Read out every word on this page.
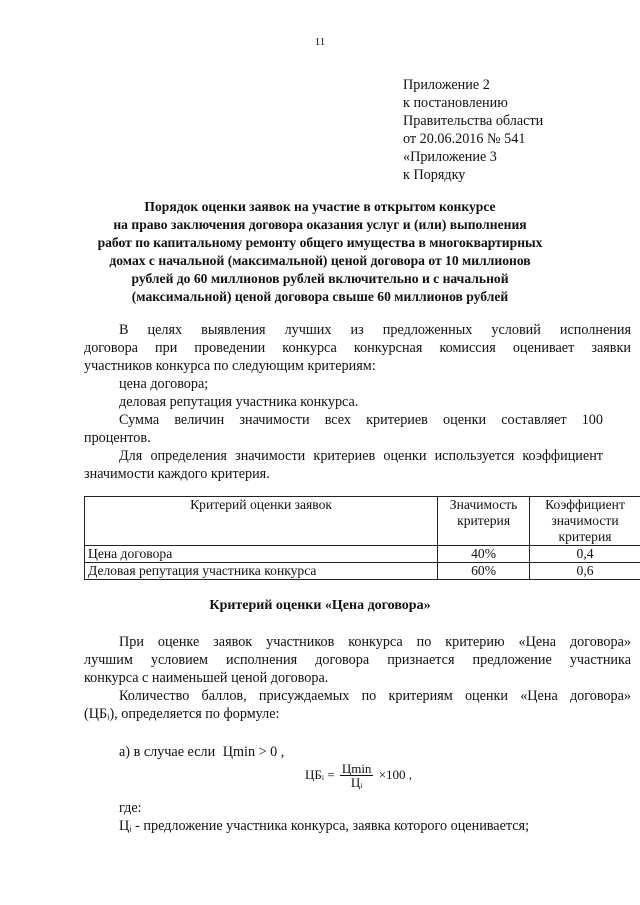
11
Приложение 2
к постановлению
Правительства области
от 20.06.2016 № 541
«Приложение 3
к Порядку
Порядок оценки заявок на участие в открытом конкурсе
на право заключения договора оказания услуг и (или) выполнения
работ по капитальному ремонту общего имущества в многоквартирных
домах с начальной (максимальной) ценой договора от 10 миллионов
рублей до 60 миллионов рублей включительно и с начальной
(максимальной) ценой договора свыше 60 миллионов рублей
В целях выявления лучших из предложенных условий исполнения
договора при проведении конкурса конкурсная комиссия оценивает заявки
участников конкурса по следующим критериям:
цена договора;
деловая репутация участника конкурса.
Сумма величин значимости всех критериев оценки составляет 100
процентов.
Для определения значимости критериев оценки используется коэффициент
значимости каждого критерия.
Критерий оценки заявок	Значимость критерия	Коэффициент значимости критерия
Цена договора	40%	0,4
Деловая репутация участника конкурса	60%	0,6
Критерий оценки «Цена договора»
При оценке заявок участников конкурса по критерию «Цена договора»
лучшим условием исполнения договора признается предложение участника
конкурса с наименьшей ценой договора.
Количество баллов, присуждаемых по критериям оценки «Цена договора»
(ЦБᵢ), определяется по формуле:
а) в случае если Цmin > 0 ,
ЦБᵢ = $\frac{Ц\min}{\text{Цᵢ}} \times 100$ ,
где:
Цᵢ - предложение участника конкурса, заявка которого оценивается;
